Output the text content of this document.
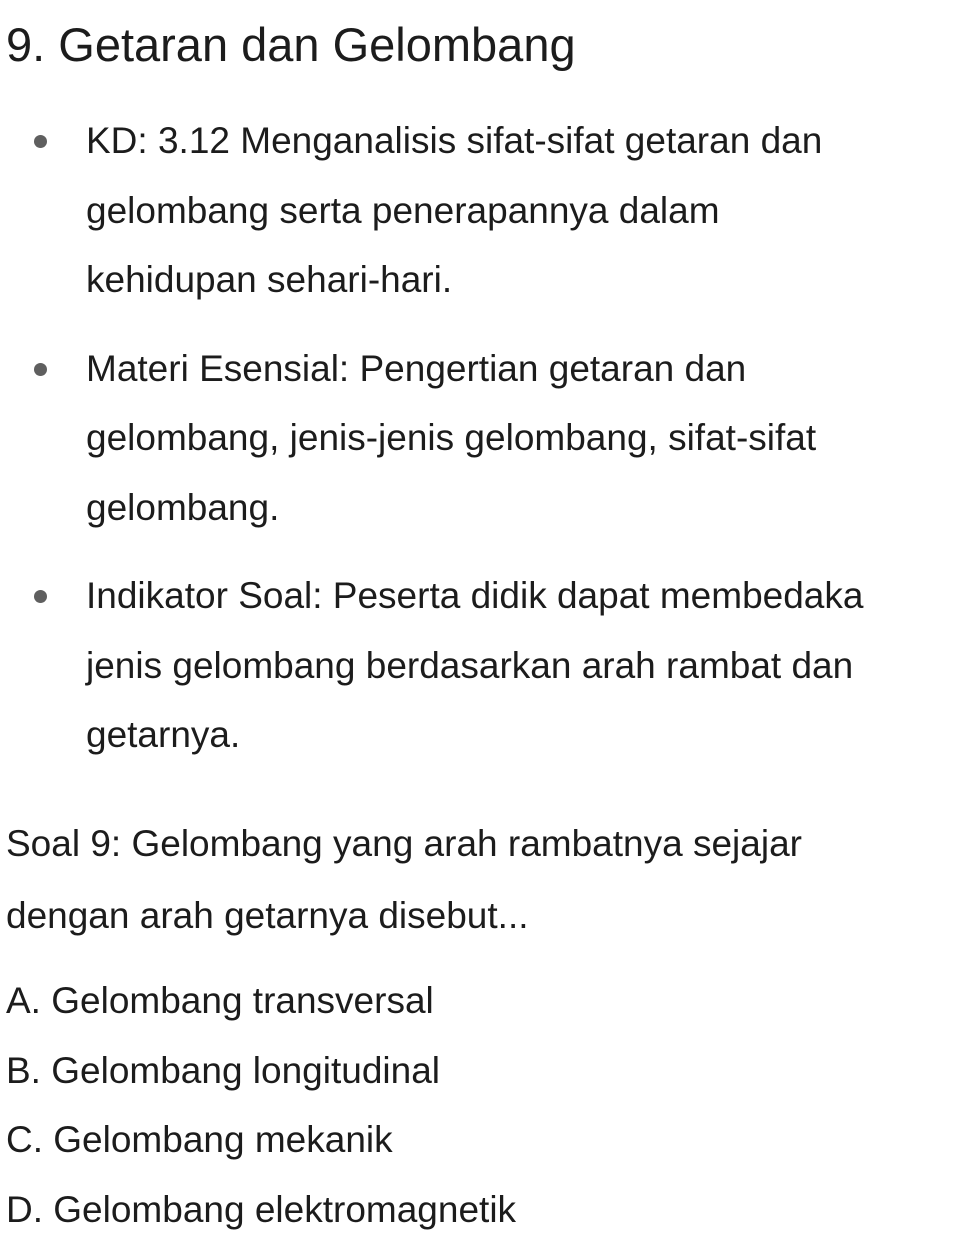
9. Getaran dan Gelombang
KD: 3.12 Menganalisis sifat-sifat getaran dan
gelombang serta penerapannya dalam
kehidupan sehari-hari.
Materi Esensial: Pengertian getaran dan
gelombang, jenis-jenis gelombang, sifat-sifat
gelombang.
Indikator Soal: Peserta didik dapat membedaka
jenis gelombang berdasarkan arah rambat dan
getarnya.

Soal 9: Gelombang yang arah rambatnya sejajar
dengan arah getarnya disebut...

A. Gelombang transversal
B. Gelombang longitudinal
C. Gelombang mekanik
D. Gelombang elektromagnetik
